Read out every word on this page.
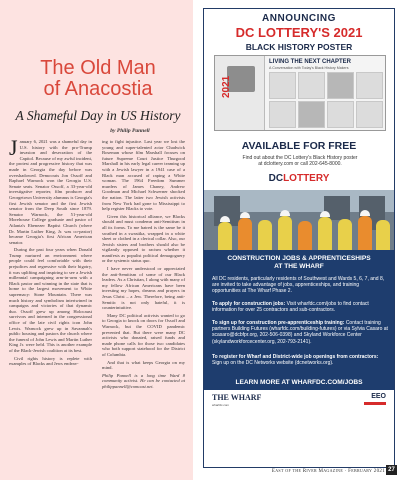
The Old Man
of Anacostia
A Shameful Day in US History
by Philip Pannell

January 6, 2021 was a shameful day in U.S. history with the pro-Trump invasion and desecration of the Capitol. Because of my awful incident, the protest and progressive history that was made in Georgia the day before was overshadowed. Democrats Jon Ossoff and Raphael Warnock won the Georgia U.S. Senate seats. Senator Ossoff, a 33-year-old investigative reporter, film producer and Georgetown University alumnus is Georgia's first Jewish senator and the first Jewish senator from the Deep South since 1879. Senator Warnock, the 51-year-old Morehouse College graduate and pastor of Atlanta's Ebenezer Baptist Church (where Dr. Martin Luther King, Jr. was co-pastor) became Georgia's first African American senator.

During the past four years when Donald Trump nurtured an environment where people could feel comfortable with their prejudices and regressive with their bigotry, it was uplifting and inspiring to see a Jewish millennial campaigning arm-in-arm with a Black pastor and winning in the state that is home to the largest movement to White supremacy: Stone Mountain. There was much history and symbolism intertwined in campaigns and victories of that dynamic duo. Ossoff grew up among Holocaust survivors and interned in the congressional office of the late civil rights icon John Lewis. Warnock grew up in Savannah's public housing and pastors the church where the funeral of John Lewis and Martin Luther King Jr. were held. This is another example of the Black-Jewish coalition at its best.

Civil rights history is replete with examples of Blacks and Jews endeav-

ing to fight injustice. Last year we lost the young and super-talented actor Chadwick Boseman whose film Marshall focuses on future Supreme Court Justice Thurgood Marshall in his early legal career teaming up with a Jewish lawyer in a 1941 case of a Black man accused of raping a White woman. The 1964 Freedom Summer murders of James Chaney, Andrew Goodman and Michael Schwerner shocked the nation. The latter two Jewish activists from New York had gone to Mississippi to help register Blacks to vote.

Given this historical alliance, we Blacks should and must condemn anti-Semitism in all its forms. To me hatred is the same be it swathed in a swastika, wrapped in a white sheet or clothed in a clerical collar. Also, our Jewish sisters and brothers should also be vigilantly opposed to racism whether it manifests as populist political demagoguery or the systemic status quo.

I have never understood or appreciated the anti-Semitism of some of our Black leaders. As a Christian, I along with many of my fellow African Americans have been investing my hopes, dreams and prayers in Jesus Christ – a Jew. Therefore, being anti-Semitic is not only hateful, it is counterintuitive.

Many DC political activists wanted to go to Georgia to knock on doors for Ossoff and Warnock, but the COVID pandemic prevented that. But there were many DC activists who donated, raised funds and made phone calls for those two candidates who both support statehood for the District of Columbia.

And that is what keeps Georgia on my mind.

Philip Pannell is a long time Ward 8 community activist. He can be contacted at philippannell@comcast.net.

ANNOUNCING
DC LOTTERY'S 2021
BLACK HISTORY POSTER
2021
LIVING THE NEXT CHAPTER
A Conversation with Today's Black History Makers
AVAILABLE FOR FREE
Find out about the DC Lottery's Black History poster
at dclottery.com or call 202-645-8000.
DCLOTTERY
CONSTRUCTION JOBS & APPRENTICESHIPS
AT THE WHARF
All DC residents, particularly residents of Southwest and Wards 5, 6, 7, and 8, are invited to take advantage of jobs, apprenticeships, and training opportunities at The Wharf Phase 2.
To apply for construction jobs: Visit wharfdc.com/jobs to find contact information for over 25 contractors and sub-contractors.
To sign up for construction pre-apprenticeship training: Contact training partners Building Futures (wharfdc.com/building-futures) or via Sylvia Casaro at scasaro@dcbfpr.org, 202-506-0398) and Skyland Workforce Center (skylandworkforcecenter.org, 202-793-2141).
To register for Wharf and District-wide job openings from contractors: Sign up on the DC Networks website (dcnetworks.org).
LEARN MORE AT WHARFDC.COM/JOBS
THE WHARF
wharfdc.com
EEO
East of the River Magazine · February 2021 27
